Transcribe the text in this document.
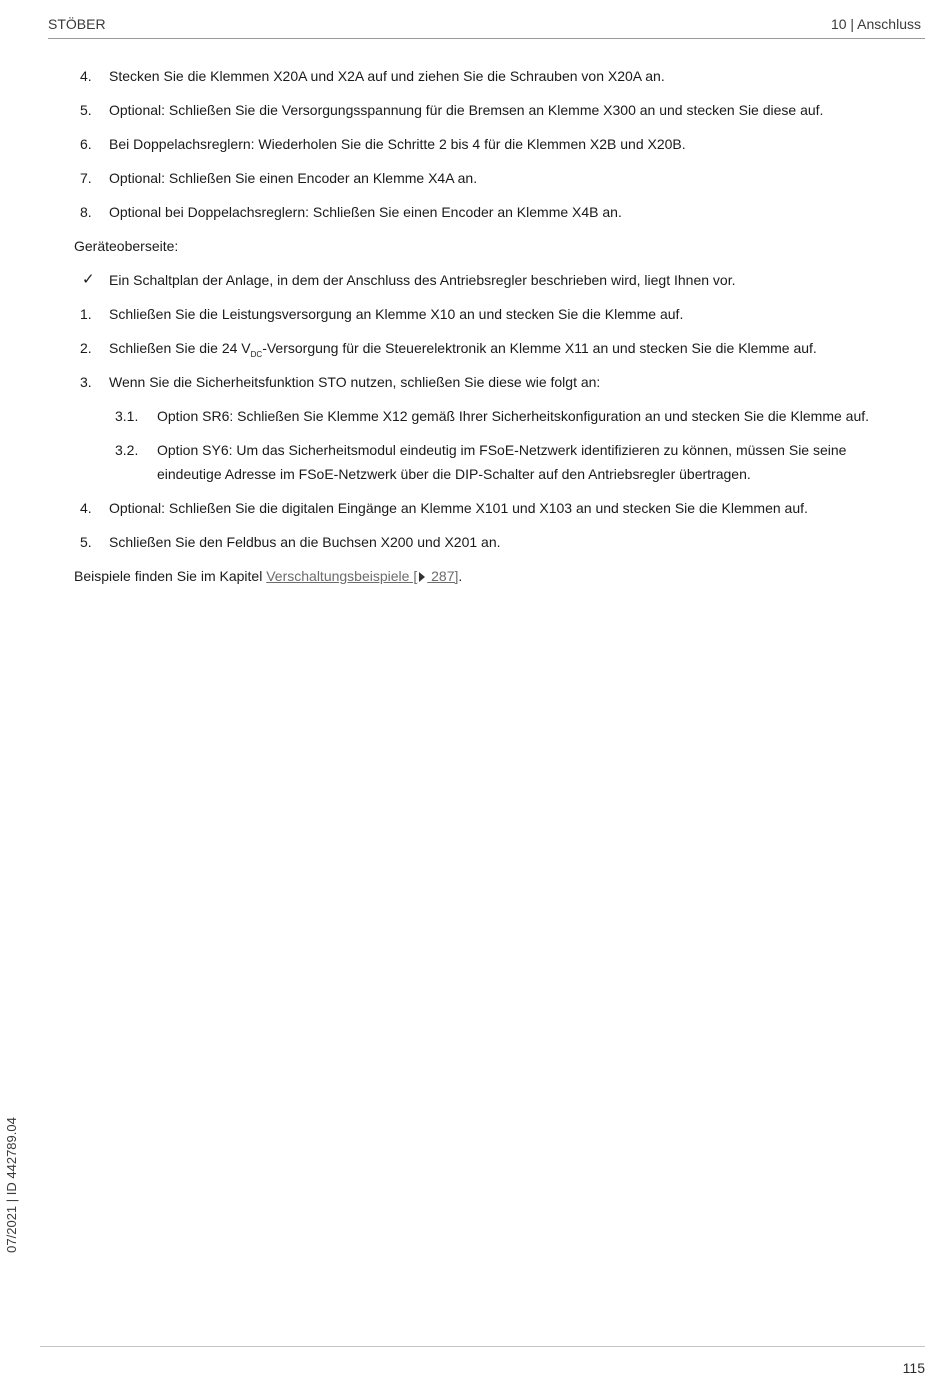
STÖBER	10 | Anschluss
4.	Stecken Sie die Klemmen X20A und X2A auf und ziehen Sie die Schrauben von X20A an.
5.	Optional: Schließen Sie die Versorgungsspannung für die Bremsen an Klemme X300 an und stecken Sie diese auf.
6.	Bei Doppelachsreglern: Wiederholen Sie die Schritte 2 bis 4 für die Klemmen X2B und X20B.
7.	Optional: Schließen Sie einen Encoder an Klemme X4A an.
8.	Optional bei Doppelachsreglern: Schließen Sie einen Encoder an Klemme X4B an.
Geräteoberseite:
✓	Ein Schaltplan der Anlage, in dem der Anschluss des Antriebsregler beschrieben wird, liegt Ihnen vor.
1.	Schließen Sie die Leistungsversorgung an Klemme X10 an und stecken Sie die Klemme auf.
2.	Schließen Sie die 24 $V_{DC}$-Versorgung für die Steuerelektronik an Klemme X11 an und stecken Sie die Klemme auf.
3.	Wenn Sie die Sicherheitsfunktion STO nutzen, schließen Sie diese wie folgt an:
3.1. Option SR6: Schließen Sie Klemme X12 gemäß Ihrer Sicherheitskonfiguration an und stecken Sie die Klemme auf.
3.2. Option SY6: Um das Sicherheitsmodul eindeutig im FSoE-Netzwerk identifizieren zu können, müssen Sie seine eindeutige Adresse im FSoE-Netzwerk über die DIP-Schalter auf den Antriebsregler übertragen.
4.	Optional: Schließen Sie die digitalen Eingänge an Klemme X101 und X103 an und stecken Sie die Klemmen auf.
5.	Schließen Sie den Feldbus an die Buchsen X200 und X201 an.
Beispiele finden Sie im Kapitel Verschaltungsbeispiele [ 287].
07/2021 | ID 442789.04
115
